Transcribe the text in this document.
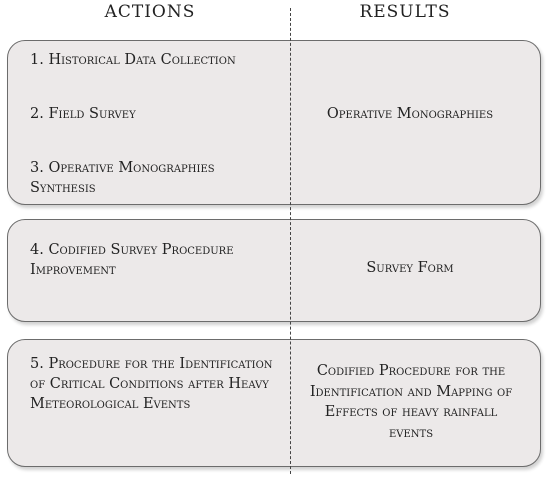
ACTIONS	RESULTS
1. Historical Data Collection
2. Field Survey
3. Operative Monographies Synthesis
Operative Monographies
4. Codified Survey Procedure Improvement	Survey Form
5. Procedure for the Identification of Critical Conditions after Heavy Meteorological Events
Codified Procedure for the Identification and Mapping of Effects of heavy rainfall events
